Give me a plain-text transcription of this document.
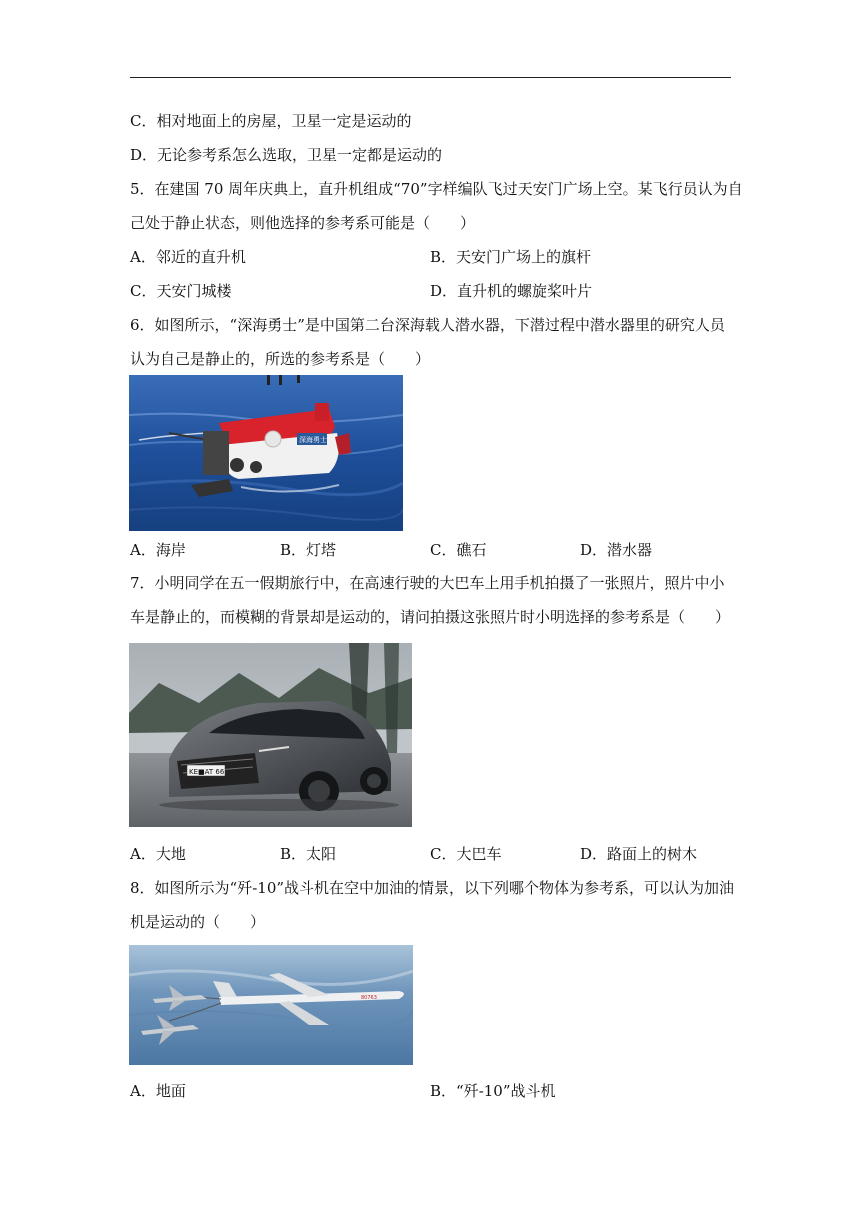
C．相对地面上的房屋，卫星一定是运动的
D．无论参考系怎么选取，卫星一定都是运动的
5．在建国 70 周年庆典上，直升机组成“70”字样编队飞过天安门广场上空。某飞行员认为自
己处于静止状态，则他选择的参考系可能是（　　）
A．邻近的直升机	B．天安门广场上的旗杆
C．天安门城楼	D．直升机的螺旋桨叶片
6．如图所示，“深海勇士”是中国第二台深海载人潜水器，下潜过程中潜水器里的研究人员
认为自己是静止的，所选的参考系是（　　）
深海勇士
A．海岸	B．灯塔	C．礁石	D．潜水器
7．小明同学在五一假期旅行中，在高速行驶的大巴车上用手机拍摄了一张照片，照片中小
车是静止的，而模糊的背景却是运动的，请问拍摄这张照片时小明选择的参考系是（　　）
KE■AT 66
A．大地	B．太阳	C．大巴车	D．路面上的树木
8．如图所示为“歼-10”战斗机在空中加油的情景，以下列哪个物体为参考系，可以认为加油
机是运动的（　　）
80763
A．地面	B．“歼-10”战斗机
